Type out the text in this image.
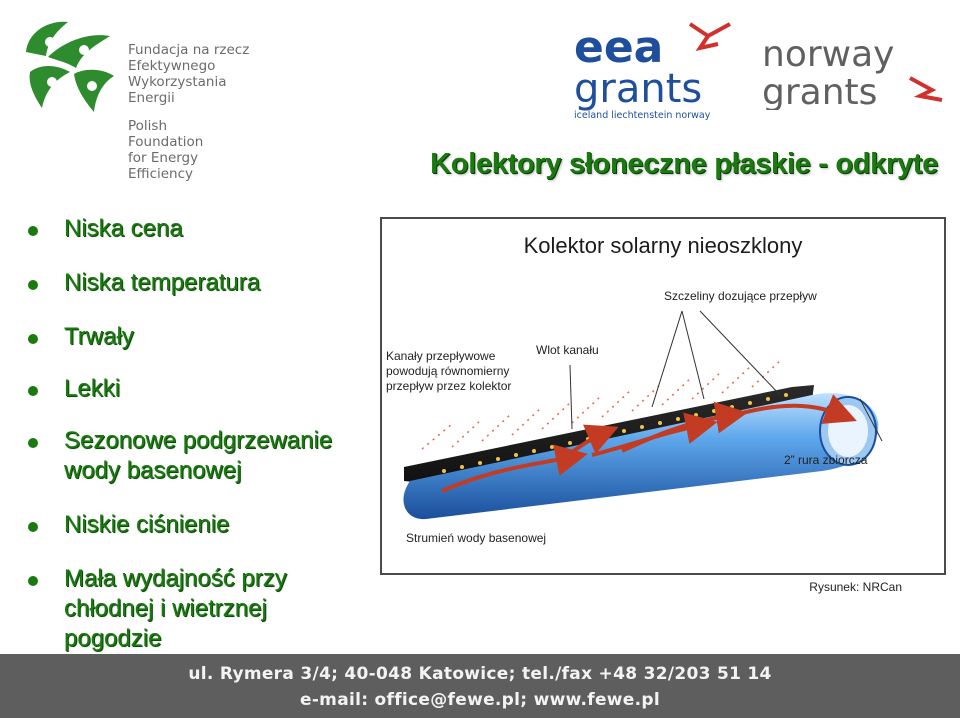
Fundacja na rzecz
Efektywnego
Wykorzystania
Energii
Polish
Foundation
for Energy
Efficiency
eea
grants
iceland liechtenstein norway
norway
grants
Kolektory słoneczne płaskie - odkryte
Niska cena
Niska temperatura
Trwały
Lekki
Sezonowe podgrzewanie
wody basenowej
Niskie ciśnienie
Mała wydajność przy
chłodnej i wietrznej
pogodzie
Kolektor solarny nieoszklony
Szczeliny dozujące przepływ
Wlot kanału
Kanały przepływowe
powodują równomierny
przepływ przez kolektor
2” rura zbiorcza
Strumień wody basenowej
Rysunek: NRCan
ul. Rymera 3/4; 40-048 Katowice; tel./fax +48 32/203 51 14
e-mail: office@fewe.pl; www.fewe.pl
